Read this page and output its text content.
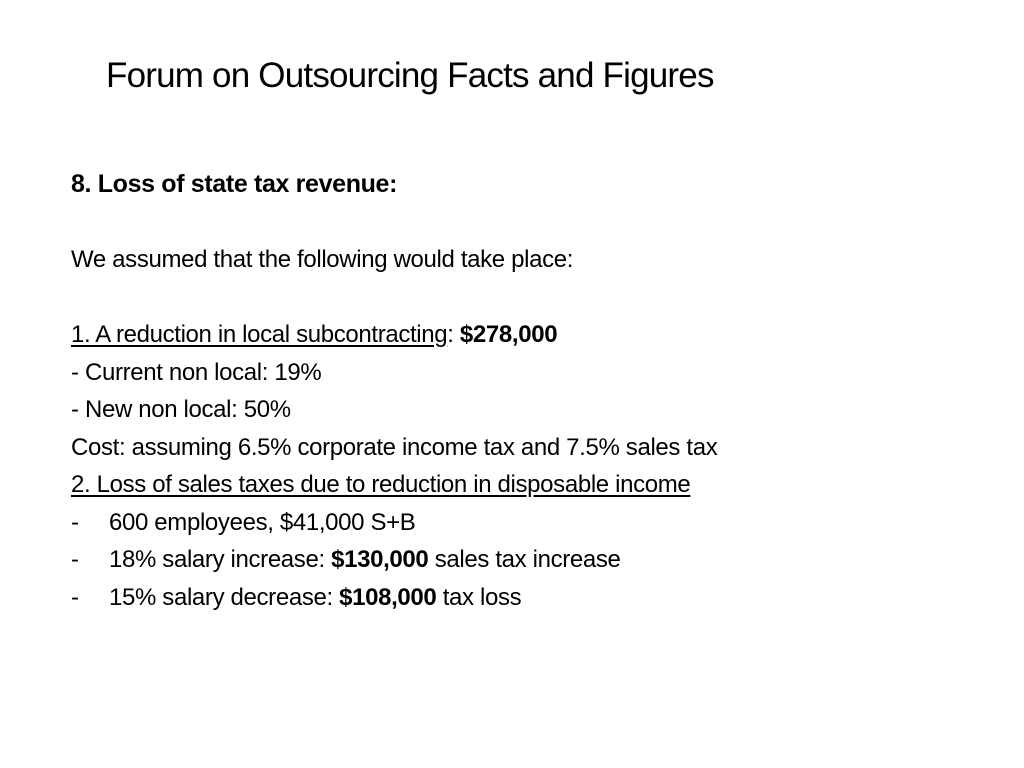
Forum on Outsourcing Facts and Figures
8. Loss of state tax revenue:
We assumed that the following would take place:
1. A reduction in local subcontracting: $278,000
- Current non local: 19%
- New non local: 50%
Cost: assuming 6.5% corporate income tax and 7.5% sales tax
2. Loss of sales taxes due to reduction in disposable income
- 600 employees, $41,000 S+B
- 18% salary increase: $130,000 sales tax increase
- 15% salary decrease: $108,000 tax loss
